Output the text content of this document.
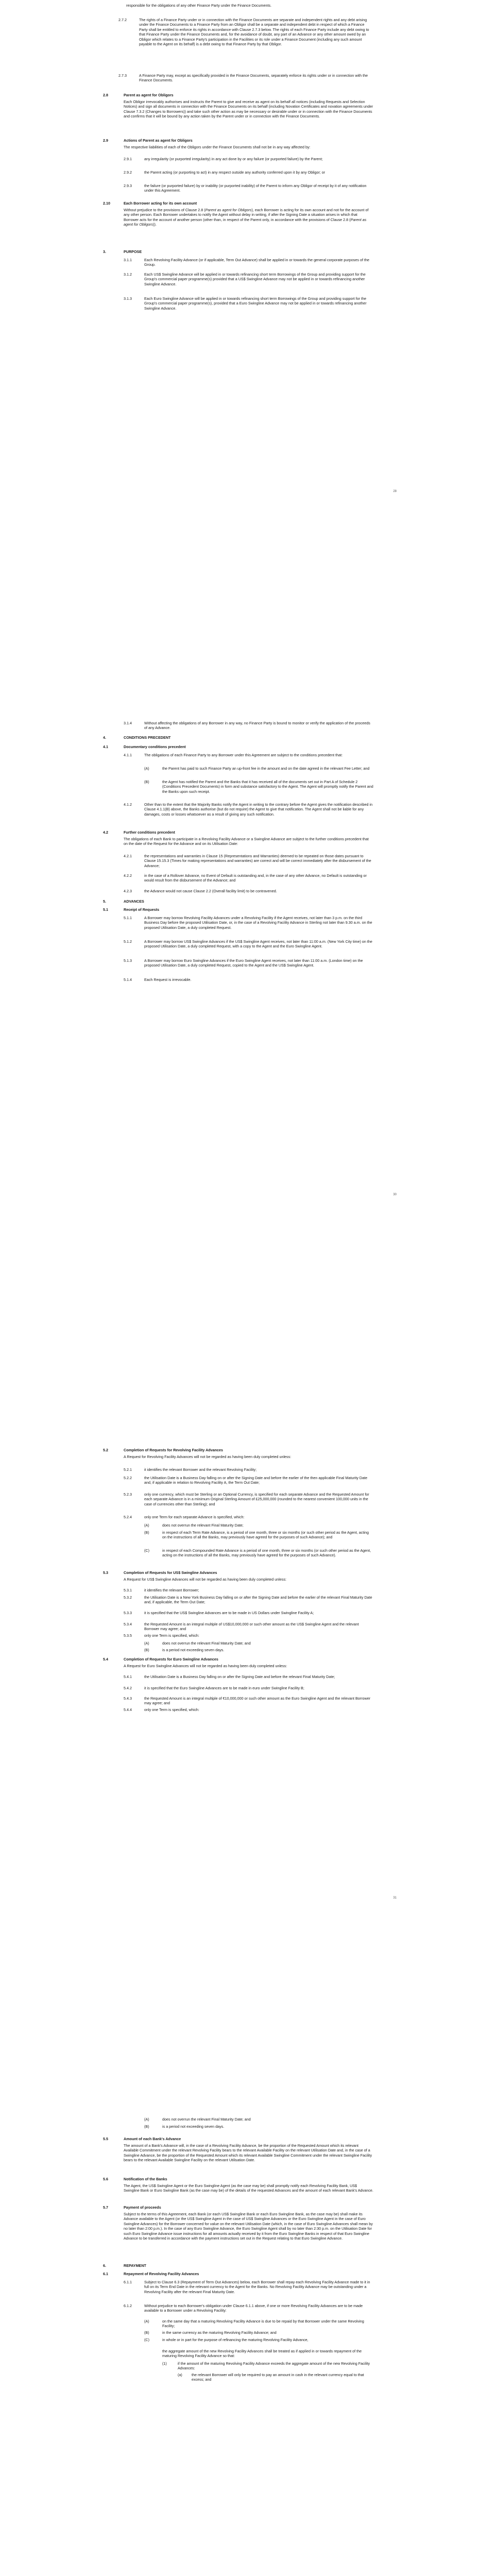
responsible for the obligations of any other Finance Party under the Finance Documents.
2.7.2	The rights of a Finance Party under or in connection with the Finance Documents are separate and independent rights and any debt arising under the Finance Documents to a Finance Party from an Obligor shall be a separate and independent debt in respect of which a Finance Party shall be entitled to enforce its rights in accordance with Clause 2.7.3 below. The rights of each Finance Party include any debt owing to that Finance Party under the Finance Documents and, for the avoidance of doubt, any part of an Advance or any other amount owed by an Obligor which relates to a Finance Party's participation in the Facilities or its role under a Finance Document (including any such amount payable to the Agent on its behalf) is a debt owing to that Finance Party by that Obligor.
2.7.3	A Finance Party may, except as specifically provided in the Finance Documents, separately enforce its rights under or in connection with the Finance Documents.
2.8	Parent as agent for Obligors
Each Obligor irrevocably authorises and instructs the Parent to give and receive as agent on its behalf all notices (including Requests and Selection Notices) and sign all documents in connection with the Finance Documents on its behalf (including Novation Certificates and novation agreements under Clause 7.3.2 (Changes to Borrowers)) and take such other action as may be necessary or desirable under or in connection with the Finance Documents and confirms that it will be bound by any action taken by the Parent under or in connection with the Finance Documents.
2.9	Actions of Parent as agent for Obligors
The respective liabilities of each of the Obligors under the Finance Documents shall not be in any way affected by:
2.9.1	any irregularity (or purported irregularity) in any act done by or any failure (or purported failure) by the Parent;
2.9.2	the Parent acting (or purporting to act) in any respect outside any authority conferred upon it by any Obligor; or
2.9.3	the failure (or purported failure) by or inability (or purported inability) of the Parent to inform any Obligor of receipt by it of any notification under this Agreement.
2.10	Each Borrower acting for its own account
Without prejudice to the provisions of Clause 2.8 (Parent as agent for Obligors), each Borrower is acting for its own account and not for the account of any other person. Each Borrower undertakes to notify the Agent without delay in writing, if after the Signing Date a situation arises in which that Borrower acts for the account of another person (other than, in respect of the Parent only, in accordance with the provisions of Clause 2.8 (Parent as agent for Obligors)).
3.	PURPOSE
3.1.1	Each Revolving Facility Advance (or if applicable, Term Out Advance) shall be applied in or towards the general corporate purposes of the Group.
3.1.2	Each US$ Swingline Advance will be applied in or towards refinancing short term Borrowings of the Group and providing support for the Group's commercial paper programme(s) provided that a US$ Swingline Advance may not be applied in or towards refinancing another Swingline Advance.
3.1.3	Each Euro Swingline Advance will be applied in or towards refinancing short term Borrowings of the Group and providing support for the Group's commercial paper programme(s), provided that a Euro Swingline Advance may not be applied in or towards refinancing another Swingline Advance.
28
3.1.4	Without affecting the obligations of any Borrower in any way, no Finance Party is bound to monitor or verify the application of the proceeds of any Advance.
4.	CONDITIONS PRECEDENT
4.1	Documentary conditions precedent
4.1.1	The obligations of each Finance Party to any Borrower under this Agreement are subject to the conditions precedent that:
(A)	the Parent has paid to such Finance Party an up-front fee in the amount and on the date agreed in the relevant Fee Letter; and
(B)	the Agent has notified the Parent and the Banks that it has received all of the documents set out in Part A of Schedule 2 (Conditions Precedent Documents) in form and substance satisfactory to the Agent. The Agent will promptly notify the Parent and the Banks upon such receipt.
4.1.2	Other than to the extent that the Majority Banks notify the Agent in writing to the contrary before the Agent gives the notification described in Clause 4.1.1(B) above, the Banks authorise (but do not require) the Agent to give that notification. The Agent shall not be liable for any damages, costs or losses whatsoever as a result of giving any such notification.
4.2	Further conditions precedent
The obligations of each Bank to participate in a Revolving Facility Advance or a Swingline Advance are subject to the further conditions precedent that on the date of the Request for the Advance and on its Utilisation Date:
4.2.1	the representations and warranties in Clause 15 (Representations and Warranties) deemed to be repeated on those dates pursuant to Clause 15.15.3 (Times for making representations and warranties) are correct and will be correct immediately after the disbursement of the Advance;
4.2.2	in the case of a Rollover Advance, no Event of Default is outstanding and, in the case of any other Advance, no Default is outstanding or would result from the disbursement of the Advance; and
4.2.3	the Advance would not cause Clause 2.2 (Overall facility limit) to be contravened.
5.	ADVANCES
5.1	Receipt of Requests
5.1.1	A Borrower may borrow Revolving Facility Advances under a Revolving Facility if the Agent receives, not later than 3 p.m. on the third Business Day before the proposed Utilisation Date, or, in the case of a Revolving Facility Advance in Sterling not later than 9.30 a.m. on the proposed Utilisation Date, a duly completed Request.
5.1.2	A Borrower may borrow US$ Swingline Advances if the US$ Swingline Agent receives, not later than 11:00 a.m. (New York City time) on the proposed Utilisation Date, a duly completed Request, with a copy to the Agent and the Euro Swingline Agent.
5.1.3	A Borrower may borrow Euro Swingline Advances if the Euro Swingline Agent receives, not later than 11:00 a.m. (London time) on the proposed Utilisation Date, a duly completed Request, copied to the Agent and the US$ Swingline Agent.
5.1.4	Each Request is irrevocable.
30
5.2	Completion of Requests for Revolving Facility Advances
A Request for Revolving Facility Advances will not be regarded as having been duly completed unless:
5.2.1	it identifies the relevant Borrower and the relevant Revolving Facility;
5.2.2	the Utilisation Date is a Business Day falling on or after the Signing Date and before the earlier of the then applicable Final Maturity Date and, if applicable in relation to Revolving Facility A, the Term Out Date;
5.2.3	only one currency, which must be Sterling or an Optional Currency, is specified for each separate Advance and the Requested Amount for each separate Advance is in a minimum Original Sterling Amount of £25,000,000 (rounded to the nearest convenient 100,000 units in the case of currencies other than Sterling); and
5.2.4	only one Term for each separate Advance is specified, which:
(A)	does not overrun the relevant Final Maturity Date;
(B)	in respect of each Term Rate Advance, is a period of one month, three or six months (or such other period as the Agent, acting on the instructions of all the Banks, may previously have agreed for the purposes of such Advance); and
(C)	in respect of each Compounded Rate Advance is a period of one month, three or six months (or such other period as the Agent, acting on the instructions of all the Banks, may previously have agreed for the purposes of such Advance).
5.3	Completion of Requests for US$ Swingline Advances
A Request for US$ Swingline Advances will not be regarded as having been duly completed unless:
5.3.1	it identifies the relevant Borrower;
5.3.2	the Utilisation Date is a New York Business Day falling on or after the Signing Date and before the earlier of the relevant Final Maturity Date and, if applicable, the Term Out Date;
5.3.3	it is specified that the US$ Swingline Advances are to be made in US Dollars under Swingline Facility A;
5.3.4	the Requested Amount is an integral multiple of US$10,000,000 or such other amount as the US$ Swingline Agent and the relevant Borrower may agree; and
5.3.5	only one Term is specified, which:
(A)	does not overrun the relevant Final Maturity Date; and
(B)	is a period not exceeding seven days.
5.4	Completion of Requests for Euro Swingline Advances
A Request for Euro Swingline Advances will not be regarded as having been duly completed unless:
5.4.1	the Utilisation Date is a Business Day falling on or after the Signing Date and before the relevant Final Maturity Date;
5.4.2	it is specified that the Euro Swingline Advances are to be made in euro under Swingline Facility B;
5.4.3	the Requested Amount is an integral multiple of €10,000,000 or such other amount as the Euro Swingline Agent and the relevant Borrower may agree; and
5.4.4	only one Term is specified, which:
31
(A)	does not overrun the relevant Final Maturity Date; and
(B)	is a period not exceeding seven days.
5.5	Amount of each Bank's Advance
The amount of a Bank's Advance will, in the case of a Revolving Facility Advance, be the proportion of the Requested Amount which its relevant Available Commitment under the relevant Revolving Facility bears to the relevant Available Facility on the relevant Utilisation Date and, in the case of a Swingline Advance, be the proportion of the Requested Amount which its relevant Available Swingline Commitment under the relevant Swingline Facility bears to the relevant Available Swingline Facility on the relevant Utilisation Date.
5.6	Notification of the Banks
The Agent, the US$ Swingline Agent or the Euro Swingline Agent (as the case may be) shall promptly notify each Revolving Facility Bank, US$ Swingline Bank or Euro Swingline Bank (as the case may be) of the details of the requested Advances and the amount of each relevant Bank's Advance.
5.7	Payment of proceeds
Subject to the terms of this Agreement, each Bank (or each US$ Swingline Bank or each Euro Swingline Bank, as the case may be) shall make its Advance available to the Agent (or the US$ Swingline Agent in the case of US$ Swingline Advances or the Euro Swingline Agent in the case of Euro Swingline Advances) for the Borrower concerned for value on the relevant Utilisation Date (which, in the case of Euro Swingline Advances shall mean by no later than 2:00 p.m.). In the case of any Euro Swingline Advance, the Euro Swingline Agent shall by no later than 2:30 p.m. on the Utilisation Date for such Euro Swingline Advance issue instructions for all amounts actually received by it from the Euro Swingline Banks in respect of that Euro Swingline Advance to be transferred in accordance with the payment instructions set out in the Request relating to that Euro Swingline Advance.
6.	REPAYMENT
6.1	Repayment of Revolving Facility Advances
6.1.1	Subject to Clause 6.3 (Repayment of Term Out Advances) below, each Borrower shall repay each Revolving Facility Advance made to it in full on its Term End Date in the relevant currency to the Agent for the Banks. No Revolving Facility Advance may be outstanding under a Revolving Facility after the relevant Final Maturity Date.
6.1.2	Without prejudice to each Borrower's obligation under Clause 6.1.1 above, if one or more Revolving Facility Advances are to be made available to a Borrower under a Revolving Facility:
(A)	on the same day that a maturing Revolving Facility Advance is due to be repaid by that Borrower under the same Revolving Facility;
(B)	in the same currency as the maturing Revolving Facility Advance; and
(C)	in whole or in part for the purpose of refinancing the maturing Revolving Facility Advance,
the aggregate amount of the new Revolving Facility Advances shall be treated as if applied in or towards repayment of the maturing Revolving Facility Advance so that:
(1)	if the amount of the maturing Revolving Facility Advance exceeds the aggregate amount of the new Revolving Facility Advances:
(a)	the relevant Borrower will only be required to pay an amount in cash in the relevant currency equal to that excess; and
